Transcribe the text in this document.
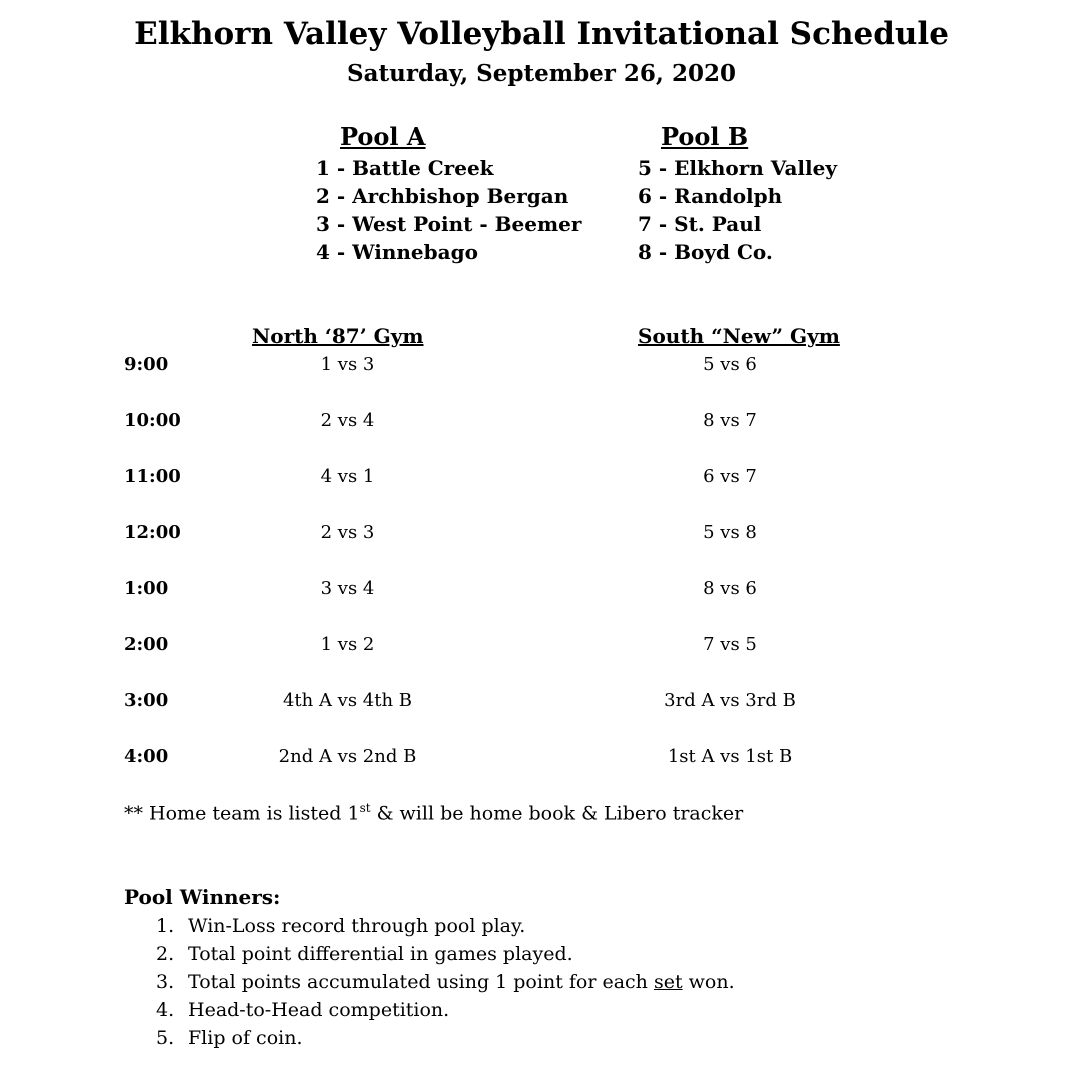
Elkhorn Valley Volleyball Invitational Schedule
Saturday, September 26, 2020
Pool A
1 - Battle Creek
2 - Archbishop Bergan
3 - West Point - Beemer
4 - Winnebago
Pool B
5 - Elkhorn Valley
6 - Randolph
7 - St. Paul
8 - Boyd Co.
North ‘87’ Gym	South “New” Gym
9:00	1 vs 3	5 vs 6
10:00	2 vs 4	8 vs 7
11:00	4 vs 1	6 vs 7
12:00	2 vs 3	5 vs 8
1:00	3 vs 4	8 vs 6
2:00	1 vs 2	7 vs 5
3:00	4th A vs 4th B	3rd A vs 3rd B
4:00	2nd A vs 2nd B	1st A vs 1st B
** Home team is listed 1st & will be home book & Libero tracker
Pool Winners:
1. Win-Loss record through pool play.
2. Total point differential in games played.
3. Total points accumulated using 1 point for each set won.
4. Head-to-Head competition.
5. Flip of coin.
